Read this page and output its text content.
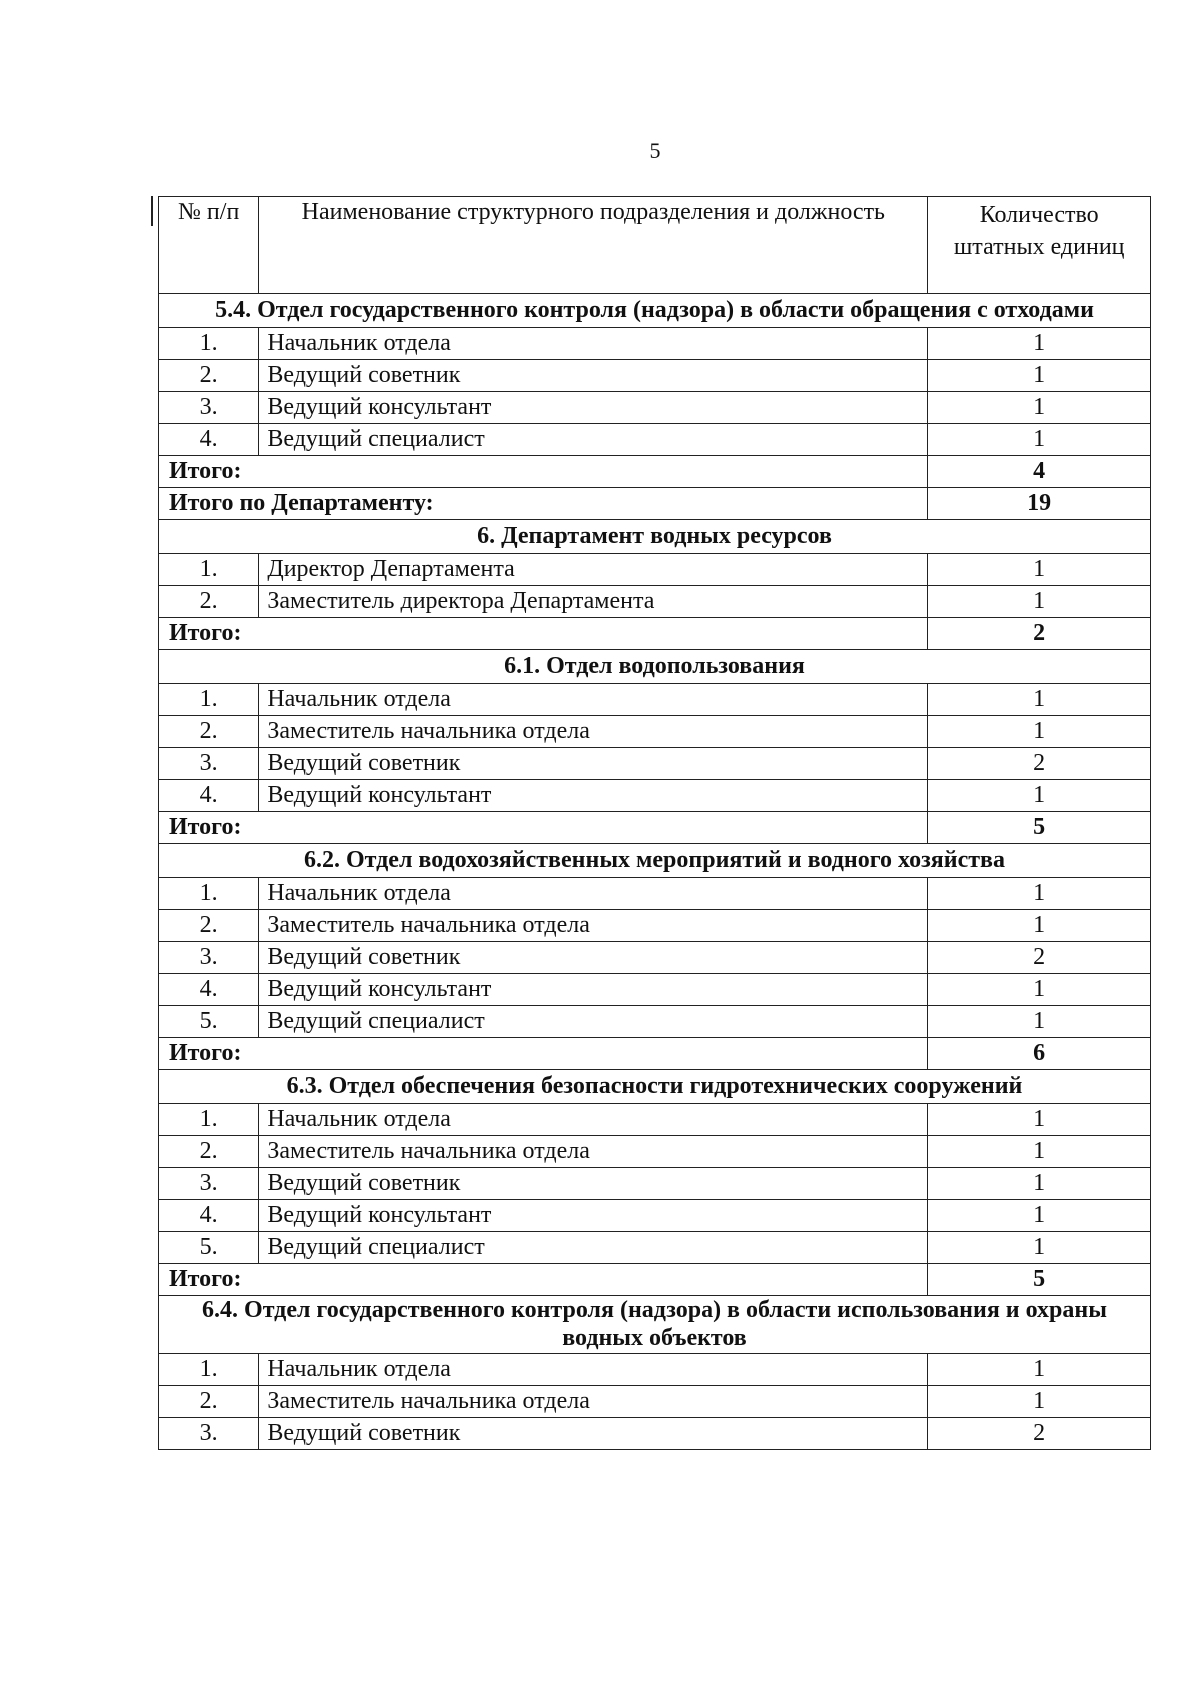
5
№ п/п	Наименование структурного подразделения и должность	Количество штатных единиц
5.4. Отдел государственного контроля (надзора) в области обращения с отходами		
1.	Начальник отдела	1
2.	Ведущий советник	1
3.	Ведущий консультант	1
4.	Ведущий специалист	1
Итого:		4
Итого по Департаменту:		19
6. Департамент водных ресурсов		
1.	Директор Департамента	1
2.	Заместитель директора Департамента	1
Итого:		2
6.1. Отдел водопользования		
1.	Начальник отдела	1
2.	Заместитель начальника отдела	1
3.	Ведущий советник	2
4.	Ведущий консультант	1
Итого:		5
6.2. Отдел водохозяйственных мероприятий и водного хозяйства		
1.	Начальник отдела	1
2.	Заместитель начальника отдела	1
3.	Ведущий советник	2
4.	Ведущий консультант	1
5.	Ведущий специалист	1
Итого:		6
6.3. Отдел обеспечения безопасности гидротехнических сооружений		
1.	Начальник отдела	1
2.	Заместитель начальника отдела	1
3.	Ведущий советник	1
4.	Ведущий консультант	1
5.	Ведущий специалист	1
Итого:		5
6.4. Отдел государственного контроля (надзора) в области использования и охраны водных объектов		
1.	Начальник отдела	1
2.	Заместитель начальника отдела	1
3.	Ведущий советник	2
